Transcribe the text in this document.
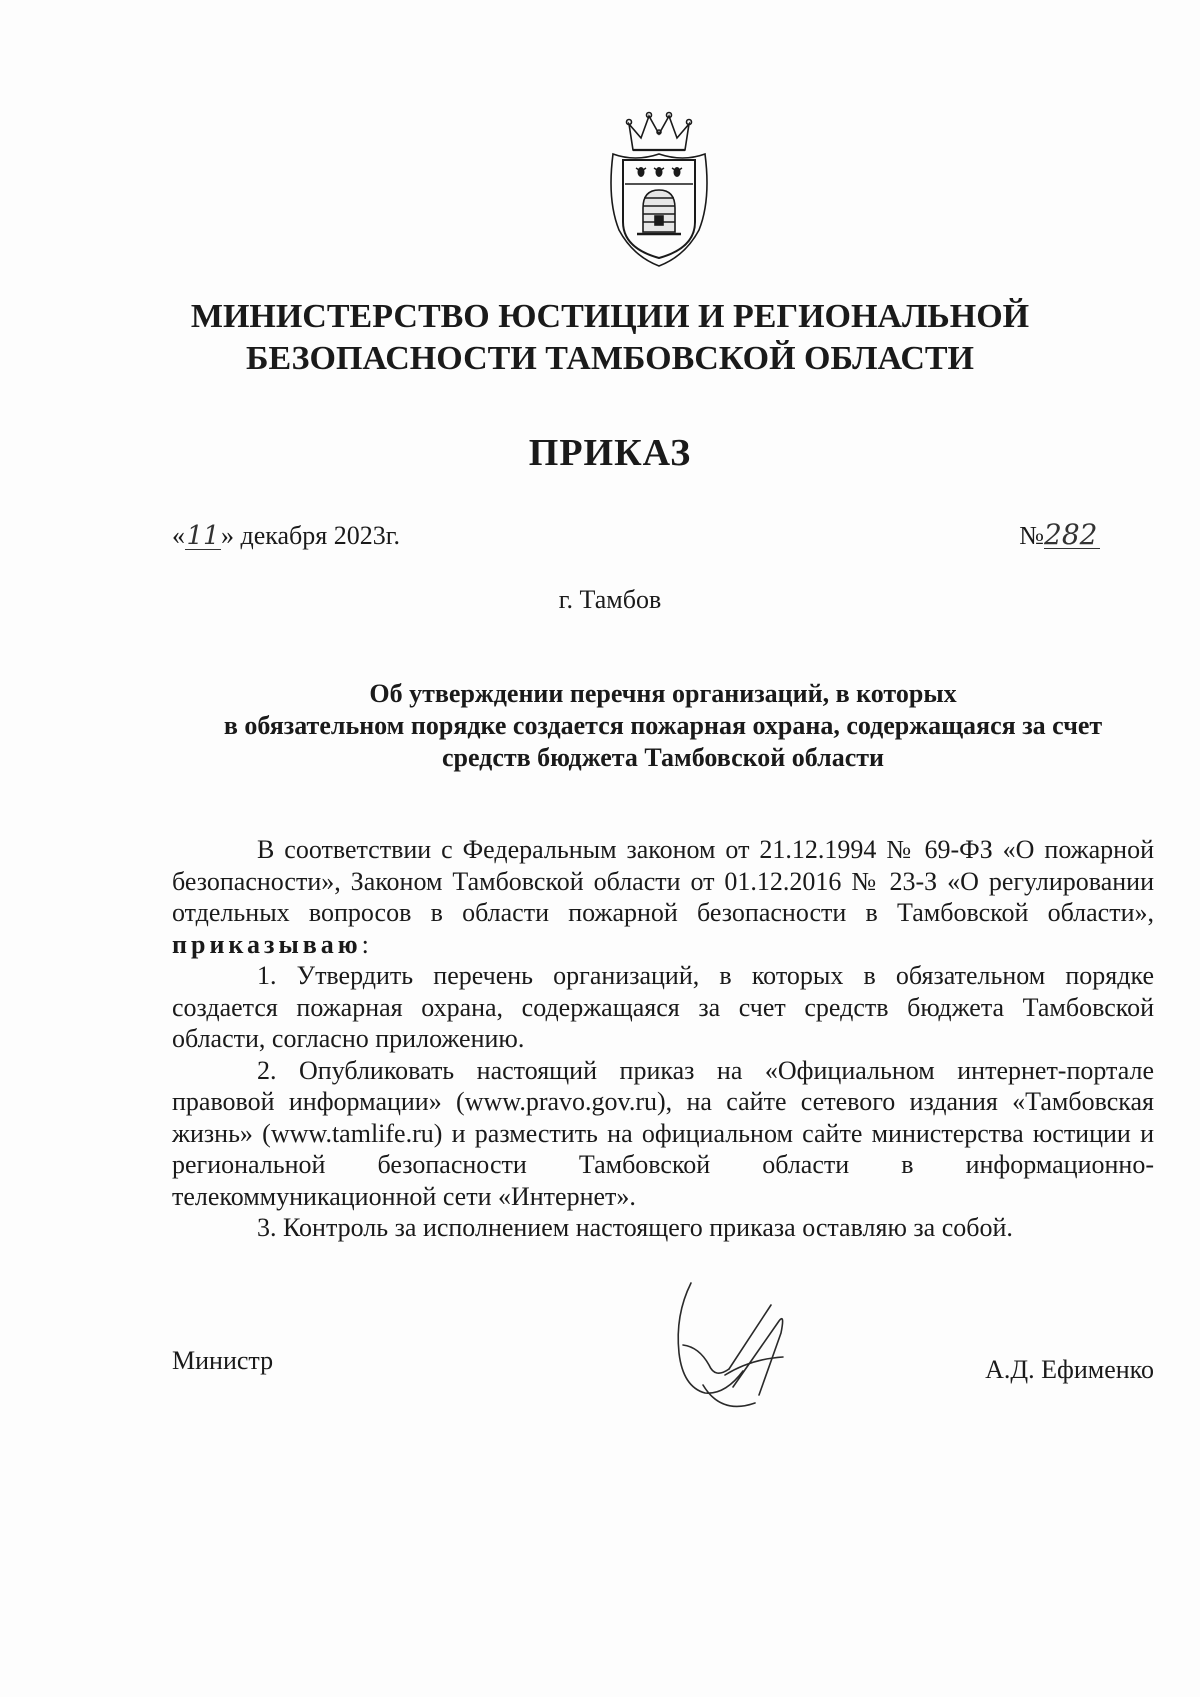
МИНИСТЕРСТВО ЮСТИЦИИ И РЕГИОНАЛЬНОЙ
БЕЗОПАСНОСТИ ТАМБОВСКОЙ ОБЛАСТИ
ПРИКАЗ
«11» декабря 2023г.	№282
г. Тамбов
Об утверждении перечня организаций, в которых
в обязательном порядке создается пожарная охрана, содержащаяся за счет
средств бюджета Тамбовской области

В соответствии с Федеральным законом от 21.12.1994 № 69-ФЗ «О пожарной безопасности», Законом Тамбовской области от 01.12.2016 № 23-З «О регулировании отдельных вопросов в области пожарной безопасности в Тамбовской области», приказываю:

1. Утвердить перечень организаций, в которых в обязательном порядке создается пожарная охрана, содержащаяся за счет средств бюджета Тамбовской области, согласно приложению.

2. Опубликовать настоящий приказ на «Официальном интернет-портале правовой информации» (www.pravo.gov.ru), на сайте сетевого издания «Тамбовская жизнь» (www.tamlife.ru) и разместить на официальном сайте министерства юстиции и региональной безопасности Тамбовской области в информационно-телекоммуникационной сети «Интернет».

3. Контроль за исполнением настоящего приказа оставляю за собой.

Министр	А.Д. Ефименко
